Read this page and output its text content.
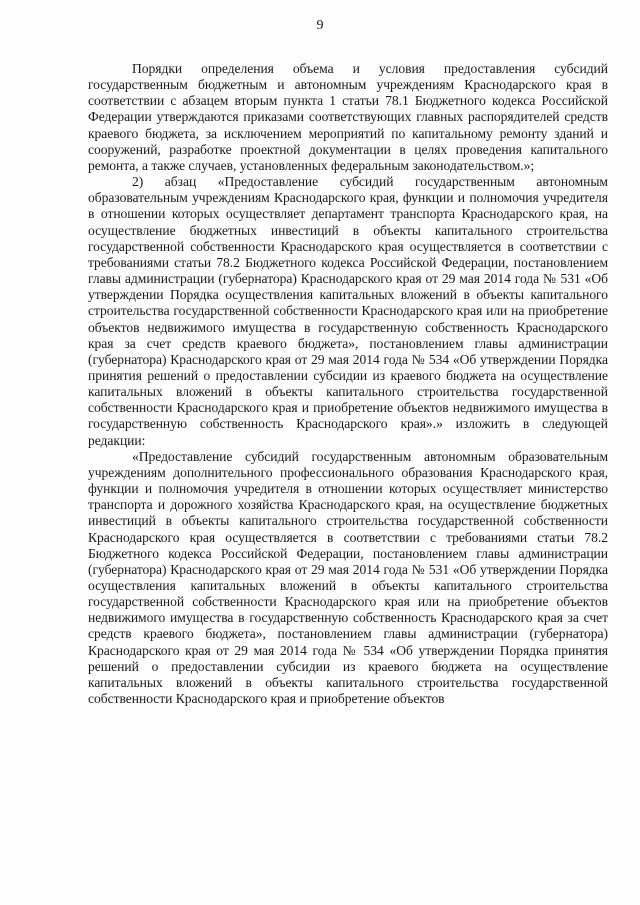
9

Порядки определения объема и условия предоставления субсидий государственным бюджетным и автономным учреждениям Краснодарского края в соответствии с абзацем вторым пункта 1 статьи 78.1 Бюджетного кодекса Российской Федерации утверждаются приказами соответствующих главных распорядителей средств краевого бюджета, за исключением мероприятий по капитальному ремонту зданий и сооружений, разработке проектной документации в целях проведения капитального ремонта, а также случаев, установленных федеральным законодательством.»;

2) абзац «Предоставление субсидий государственным автономным образовательным учреждениям Краснодарского края, функции и полномочия учредителя в отношении которых осуществляет департамент транспорта Краснодарского края, на осуществление бюджетных инвестиций в объекты капитального строительства государственной собственности Краснодарского края осуществляется в соответствии с требованиями статьи 78.2 Бюджетного кодекса Российской Федерации, постановлением главы администрации (губернатора) Краснодарского края от 29 мая 2014 года № 531 «Об утверждении Порядка осуществления капитальных вложений в объекты капитального строительства государственной собственности Краснодарского края или на приобретение объектов недвижимого имущества в государственную собственность Краснодарского края за счет средств краевого бюджета», постановлением главы администрации (губернатора) Краснодарского края от 29 мая 2014 года № 534 «Об утверждении Порядка принятия решений о предоставлении субсидии из краевого бюджета на осуществление капитальных вложений в объекты капитального строительства государственной собственности Краснодарского края и приобретение объектов недвижимого имущества в государственную собственность Краснодарского края».» изложить в следующей редакции:

«Предоставление субсидий государственным автономным образовательным учреждениям дополнительного профессионального образования Краснодарского края, функции и полномочия учредителя в отношении которых осуществляет министерство транспорта и дорожного хозяйства Краснодарского края, на осуществление бюджетных инвестиций в объекты капитального строительства государственной собственности Краснодарского края осуществляется в соответствии с требованиями статьи 78.2 Бюджетного кодекса Российской Федерации, постановлением главы администрации (губернатора) Краснодарского края от 29 мая 2014 года № 531 «Об утверждении Порядка осуществления капитальных вложений в объекты капитального строительства государственной собственности Краснодарского края или на приобретение объектов недвижимого имущества в государственную собственность Краснодарского края за счет средств краевого бюджета», постановлением главы администрации (губернатора) Краснодарского края от 29 мая 2014 года № 534 «Об утверждении Порядка принятия решений о предоставлении субсидии из краевого бюджета на осуществление капитальных вложений в объекты капитального строительства государственной собственности Краснодарского края и приобретение объектов
